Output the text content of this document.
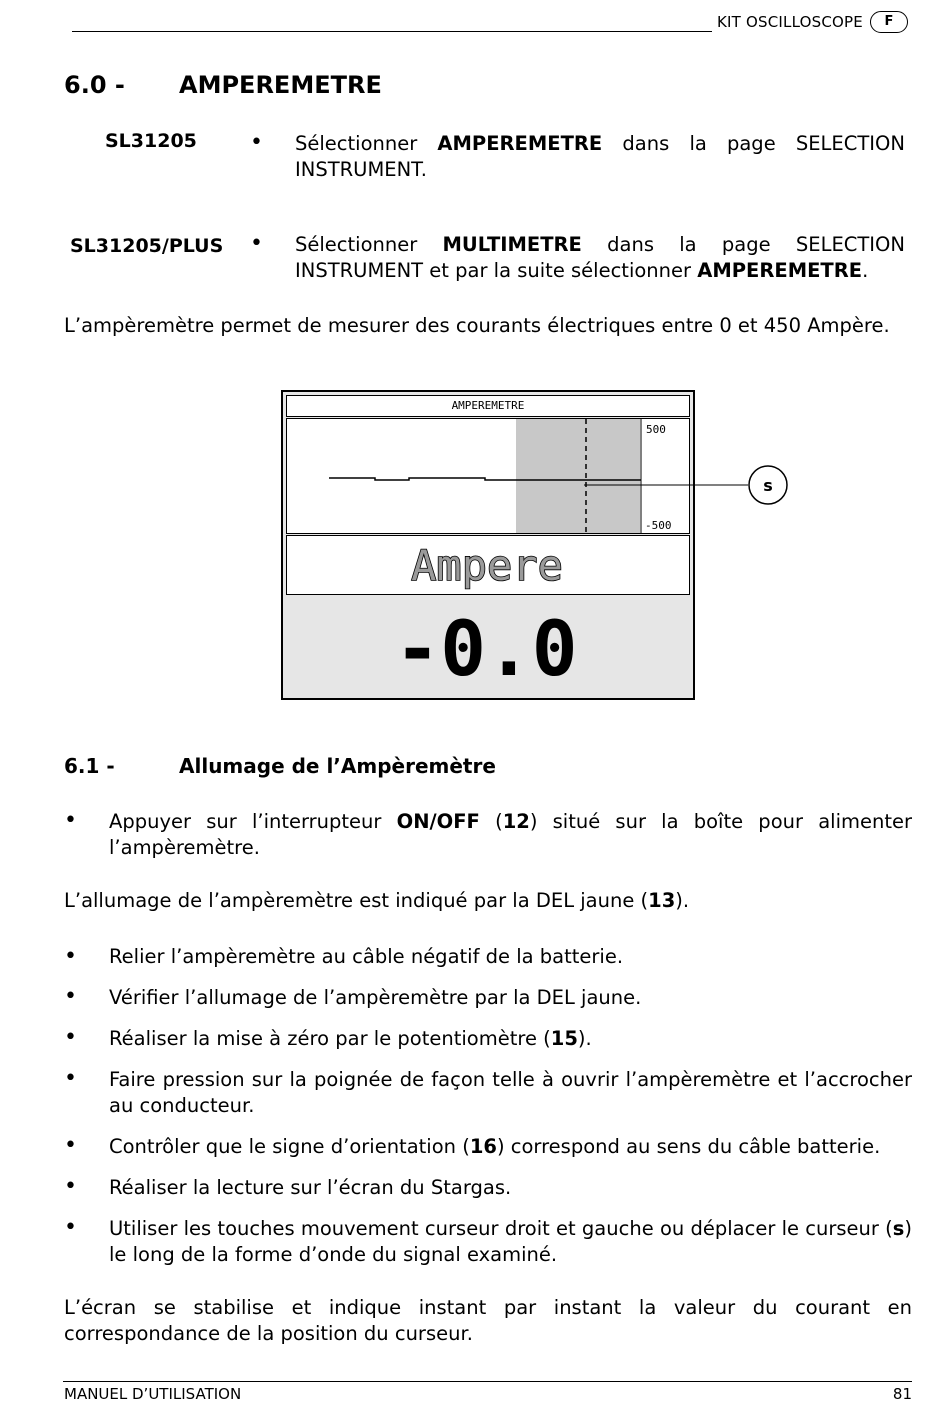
KIT OSCILLOSCOPE	F
6.0 - AMPEREMETRE
SL31205 • Sélectionner AMPEREMETRE dans la page SELECTION
INSTRUMENT.
SL31205/PLUS • Sélectionner MULTIMETRE dans la page SELECTION
INSTRUMENT et par la suite sélectionner AMPEREMETRE.
L’ampèremètre permet de mesurer des courants électriques entre 0 et 450 Ampère.
AMPEREMETRE
500
-500
Ampere
-0.0
s
6.1 -	Allumage de l’Ampèremètre
• Appuyer sur l’interrupteur ON/OFF (12) situé sur la boîte pour alimenter
l’ampèremètre.
L’allumage de l’ampèremètre est indiqué par la DEL jaune (13).
• Relier l’ampèremètre au câble négatif de la batterie.
• Vérifier l’allumage de l’ampèremètre par la DEL jaune.
• Réaliser la mise à zéro par le potentiomètre (15).
• Faire pression sur la poignée de façon telle à ouvrir l’ampèremètre et l’accrocher
au conducteur.
• Contrôler que le signe d’orientation (16) correspond au sens du câble batterie.
• Réaliser la lecture sur l’écran du Stargas.
• Utiliser les touches mouvement curseur droit et gauche ou déplacer le curseur (s)
le long de la forme d’onde du signal examiné.
L’écran se stabilise et indique instant par instant la valeur du courant en
correspondance de la position du curseur.
MANUEL D’UTILISATION	81
